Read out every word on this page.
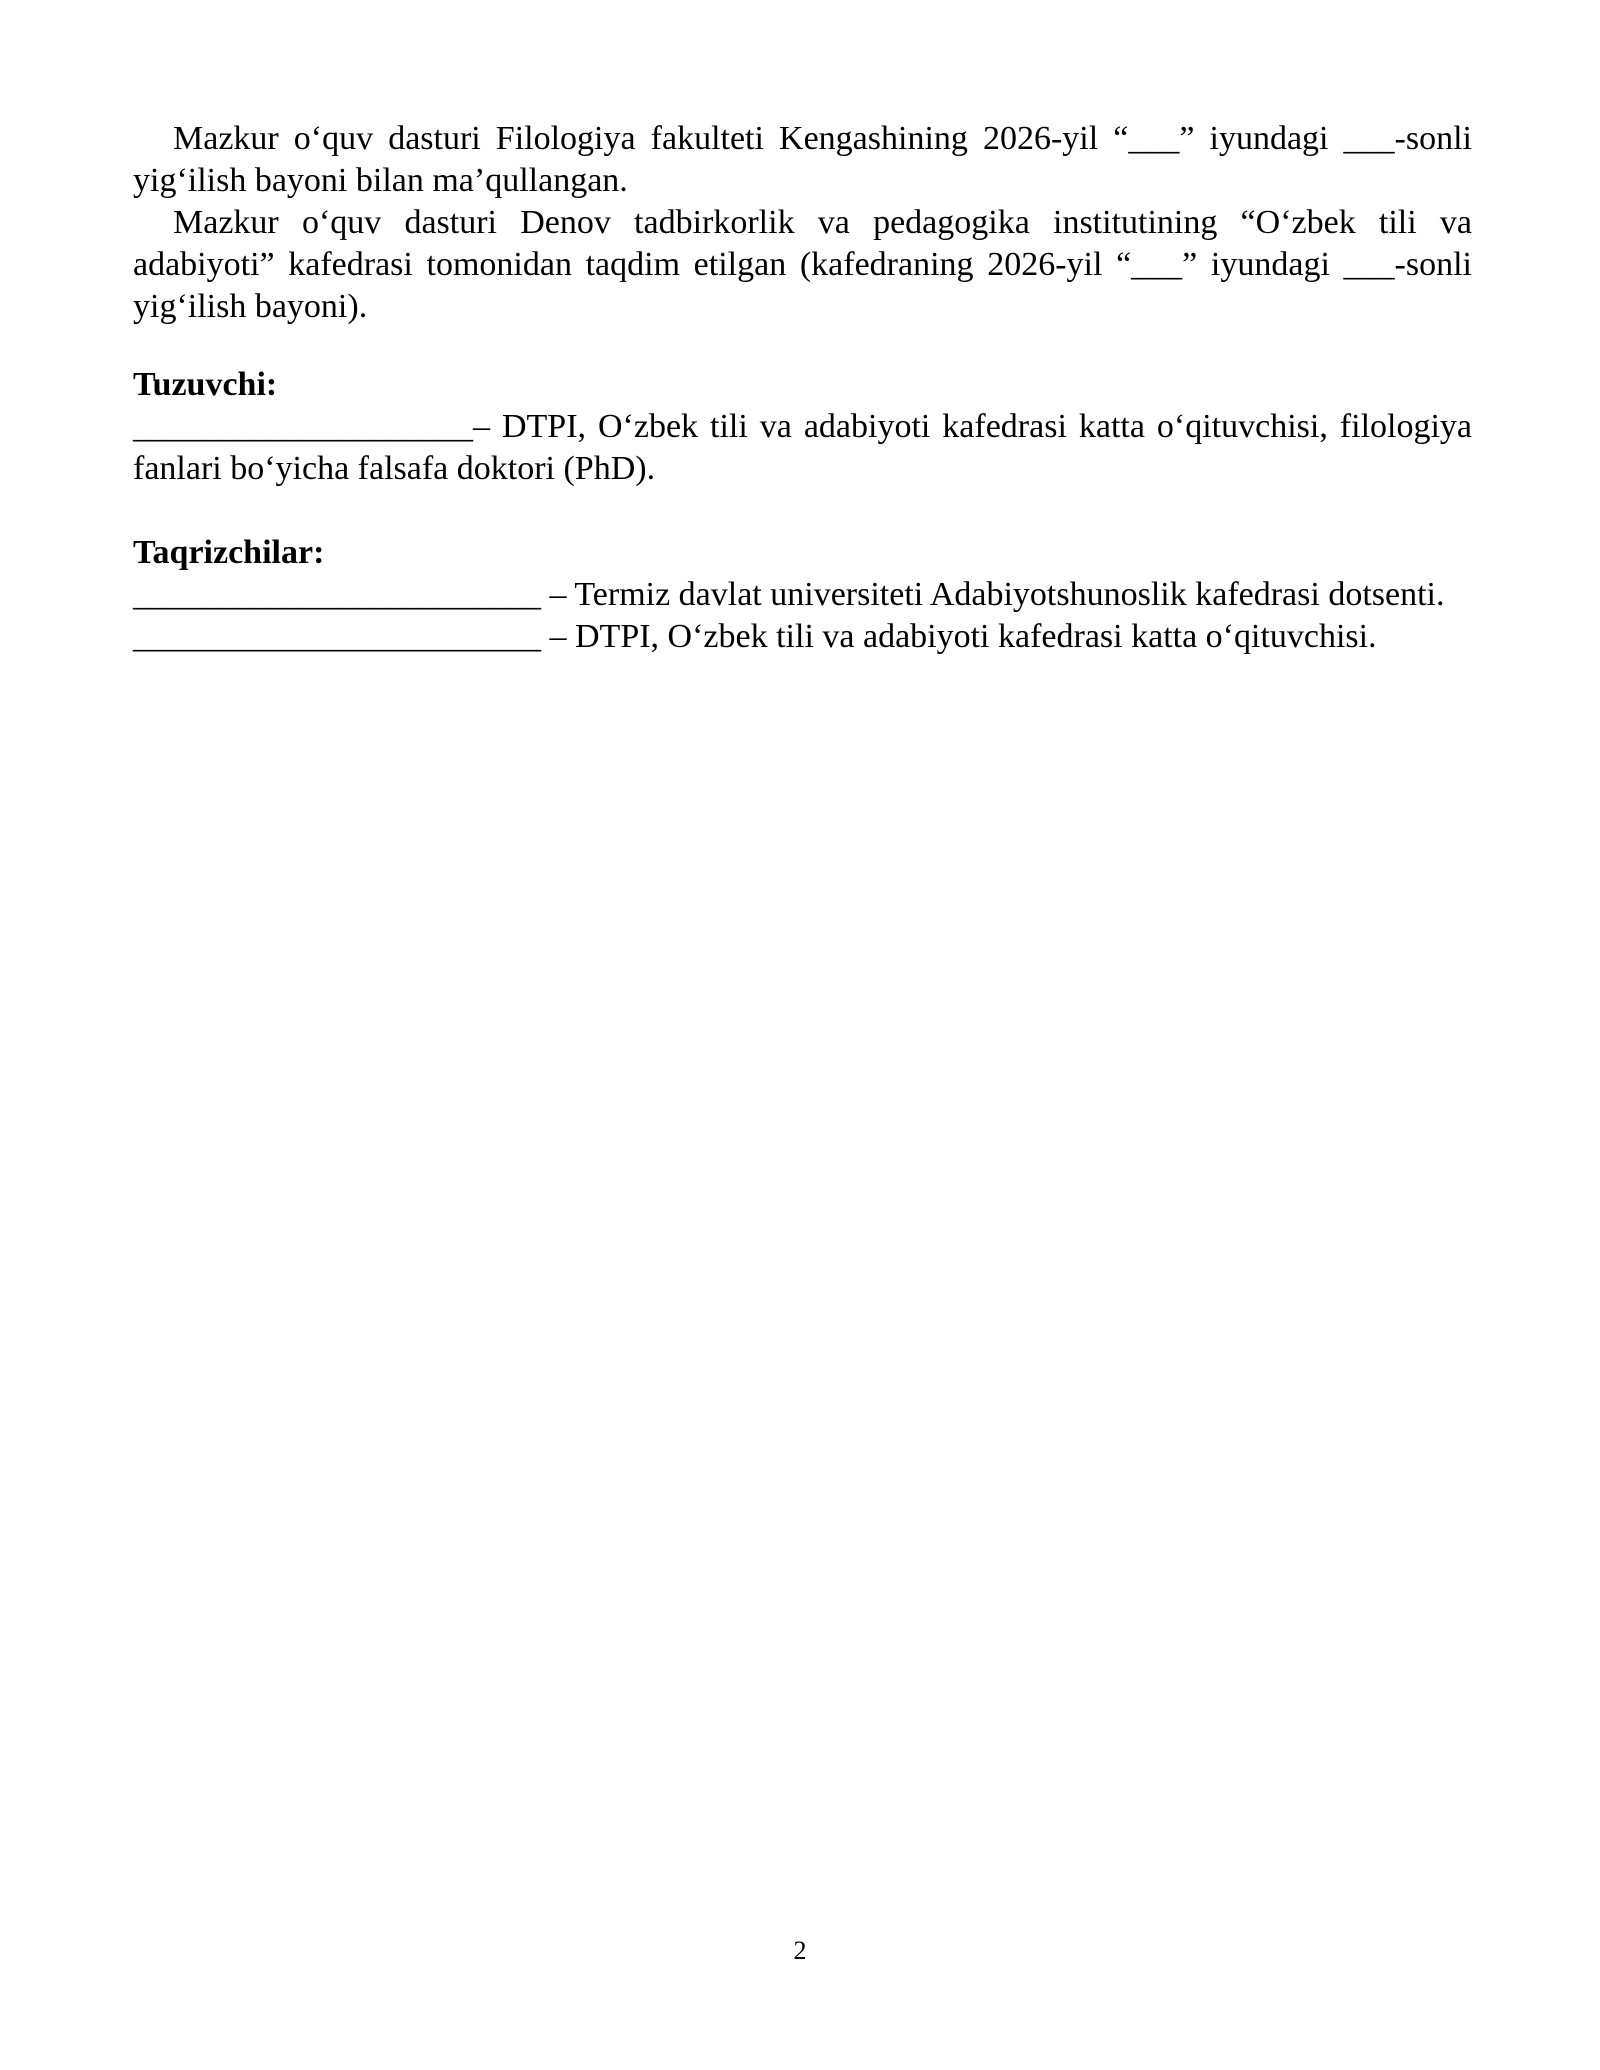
Mazkur o‘quv dasturi Filologiya fakulteti Kengashining 2026-yil “___” iyundagi ___-sonli yig‘ilish bayoni bilan ma’qullangan.

Mazkur o‘quv dasturi Denov tadbirkorlik va pedagogika institutining “O‘zbek tili va adabiyoti” kafedrasi tomonidan taqdim etilgan (kafedraning 2026-yil “___” iyundagi ___-sonli yig‘ilish bayoni).

Tuzuvchi:

____________________– DTPI, O‘zbek tili va adabiyoti kafedrasi katta o‘qituvchisi, filologiya fanlari bo‘yicha falsafa doktori (PhD).

Taqrizchilar:

________________________ – Termiz davlat universiteti Adabiyotshunoslik kafedrasi dotsenti.

________________________ – DTPI, O‘zbek tili va adabiyoti kafedrasi katta o‘qituvchisi.

2
